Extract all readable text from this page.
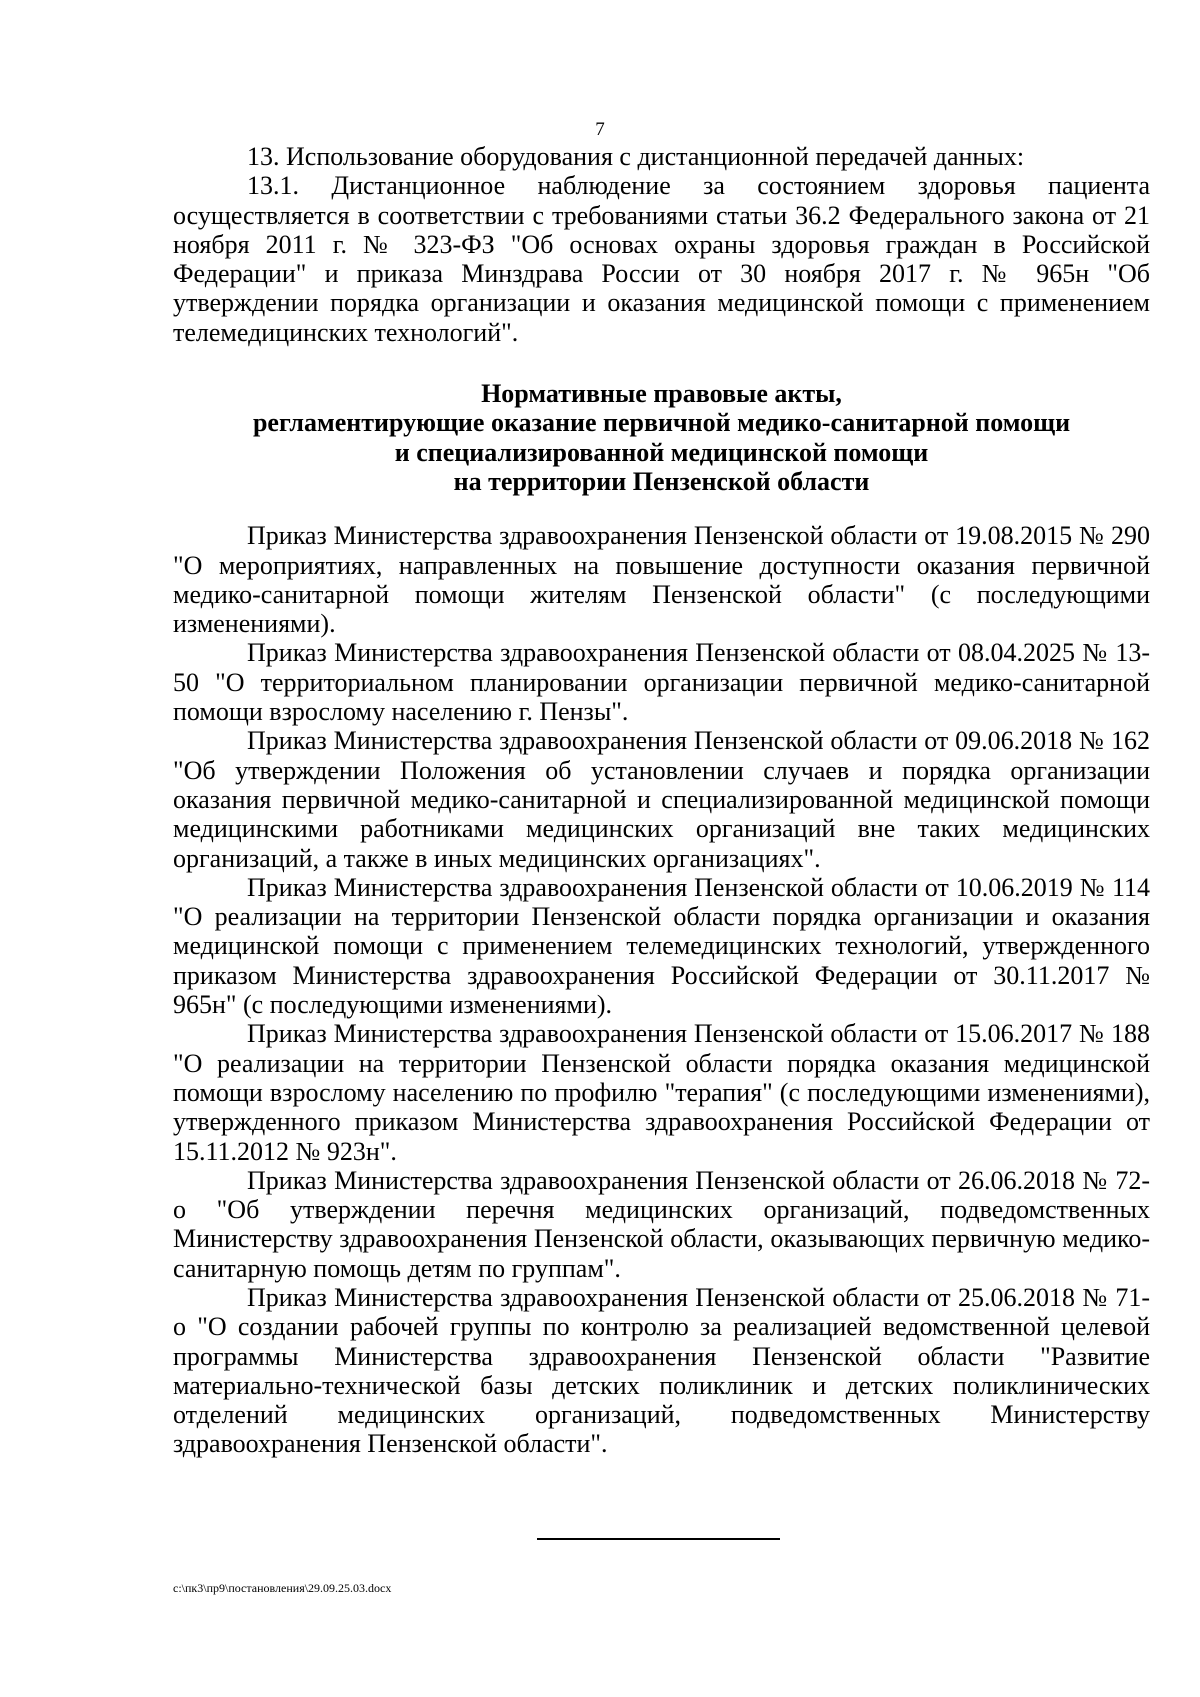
7

13. Использование оборудования с дистанционной передачей данных:

13.1. Дистанционное наблюдение за состоянием здоровья пациента осуществляется в соответствии с требованиями статьи 36.2 Федерального закона от 21 ноября 2011 г. № 323-ФЗ "Об основах охраны здоровья граждан в Российской Федерации" и приказа Минздрава России от 30 ноября 2017 г. № 965н "Об утверждении порядка организации и оказания медицинской помощи с применением телемедицинских технологий".

Нормативные правовые акты,
регламентирующие оказание первичной медико-санитарной помощи
и специализированной медицинской помощи
на территории Пензенской области

Приказ Министерства здравоохранения Пензенской области от 19.08.2015 № 290 "О мероприятиях, направленных на повышение доступности оказания первичной медико-санитарной помощи жителям Пензенской области" (с последующими изменениями).

Приказ Министерства здравоохранения Пензенской области от 08.04.2025 № 13-50 "О территориальном планировании организации первичной медико-санитарной помощи взрослому населению г. Пензы".

Приказ Министерства здравоохранения Пензенской области от 09.06.2018 № 162 "Об утверждении Положения об установлении случаев и порядка организации оказания первичной медико-санитарной и специализированной медицинской помощи медицинскими работниками медицинских организаций вне таких медицинских организаций, а также в иных медицинских организациях".

Приказ Министерства здравоохранения Пензенской области от 10.06.2019 № 114 "О реализации на территории Пензенской области порядка организации и оказания медицинской помощи с применением телемедицинских технологий, утвержденного приказом Министерства здравоохранения Российской Федерации от 30.11.2017 № 965н" (с последующими изменениями).

Приказ Министерства здравоохранения Пензенской области от 15.06.2017 № 188 "О реализации на территории Пензенской области порядка оказания медицинской помощи взрослому населению по профилю "терапия" (с последующими изменениями), утвержденного приказом Министерства здравоохранения Российской Федерации от 15.11.2012 № 923н".

Приказ Министерства здравоохранения Пензенской области от 26.06.2018 № 72-о "Об утверждении перечня медицинских организаций, подведомственных Министерству здравоохранения Пензенской области, оказывающих первичную медико-санитарную помощь детям по группам".

Приказ Министерства здравоохранения Пензенской области от 25.06.2018 № 71-о "О создании рабочей группы по контролю за реализацией ведомственной целевой программы Министерства здравоохранения Пензенской области "Развитие материально-технической базы детских поликлиник и детских поликлинических отделений медицинских организаций, подведомственных Министерству здравоохранения Пензенской области".

c:\пк3\пр9\постановления\29.09.25.03.docx
